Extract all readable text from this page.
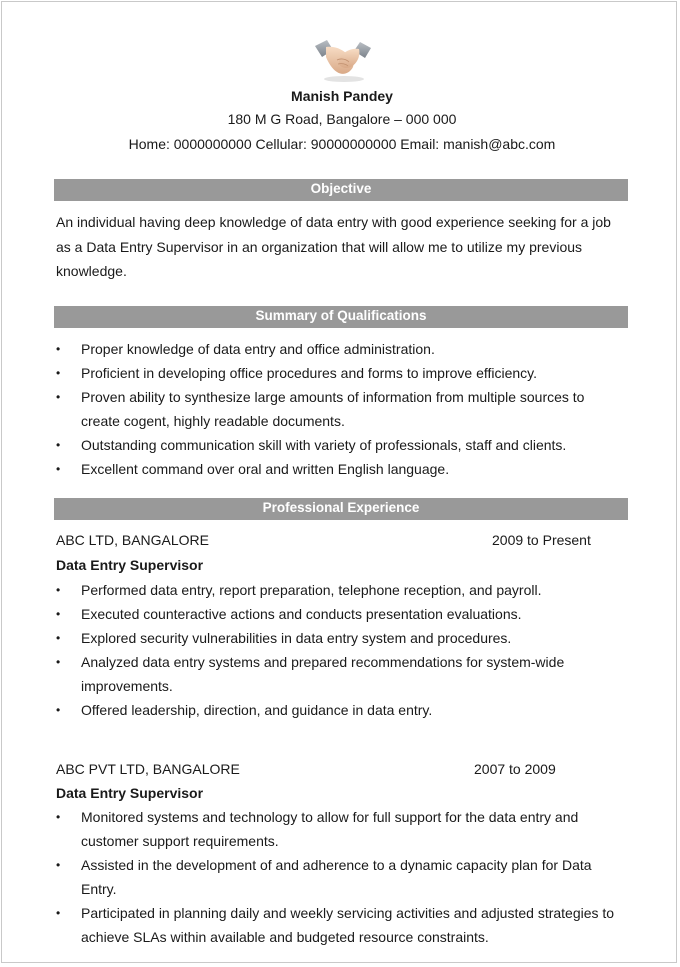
Manish Pandey
180 M G Road, Bangalore – 000 000
Home: 0000000000 Cellular: 90000000000 Email: manish@abc.com
Objective
An individual having deep knowledge of data entry with good experience seeking for a job as a Data Entry Supervisor in an organization that will allow me to utilize my previous knowledge.
Summary of Qualifications
• Proper knowledge of data entry and office administration.
• Proficient in developing office procedures and forms to improve efficiency.
• Proven ability to synthesize large amounts of information from multiple sources to create cogent, highly readable documents.
• Outstanding communication skill with variety of professionals, staff and clients.
• Excellent command over oral and written English language.
Professional Experience
ABC LTD, BANGALORE	2009 to Present
Data Entry Supervisor
• Performed data entry, report preparation, telephone reception, and payroll.
• Executed counteractive actions and conducts presentation evaluations.
• Explored security vulnerabilities in data entry system and procedures.
• Analyzed data entry systems and prepared recommendations for system-wide improvements.
• Offered leadership, direction, and guidance in data entry.
ABC PVT LTD, BANGALORE	2007 to 2009
Data Entry Supervisor
• Monitored systems and technology to allow for full support for the data entry and customer support requirements.
• Assisted in the development of and adherence to a dynamic capacity plan for Data Entry.
• Participated in planning daily and weekly servicing activities and adjusted strategies to achieve SLAs within available and budgeted resource constraints.
